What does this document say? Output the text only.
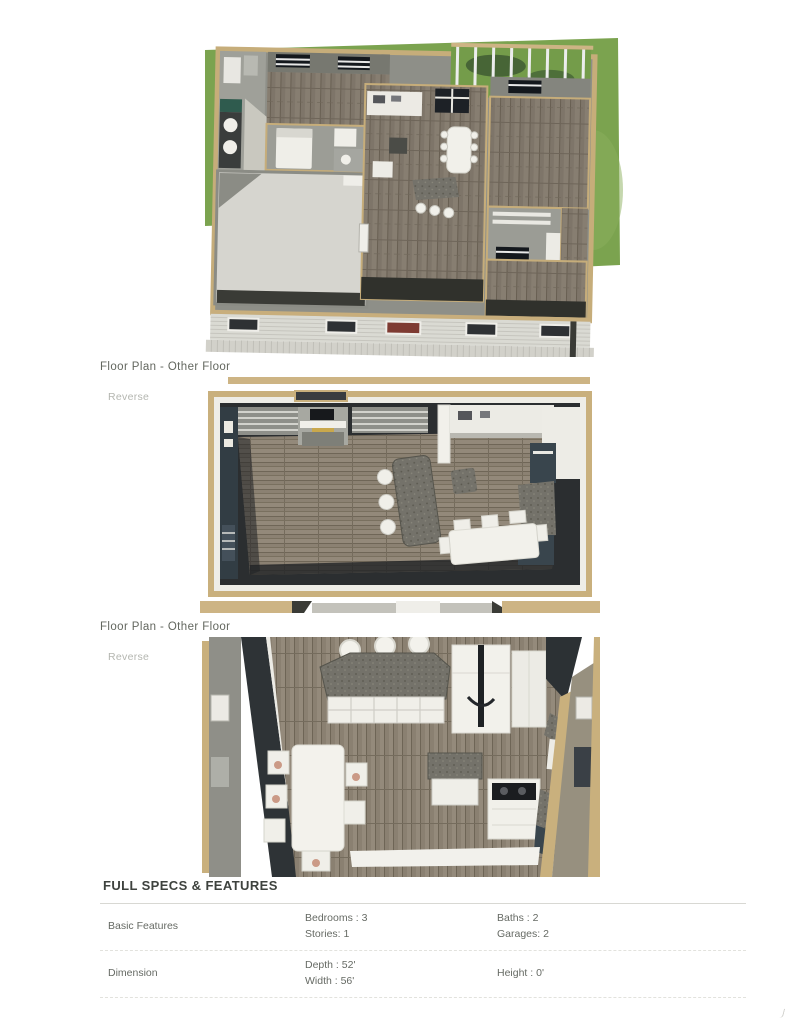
Floor Plan - Other Floor
Reverse
Floor Plan - Other Floor
Reverse
FULL SPECS & FEATURES
Basic Features
Bedrooms : 3
Stories: 1
Baths : 2
Garages: 2
Dimension
Depth : 52'
Width : 56'
Height : 0'
